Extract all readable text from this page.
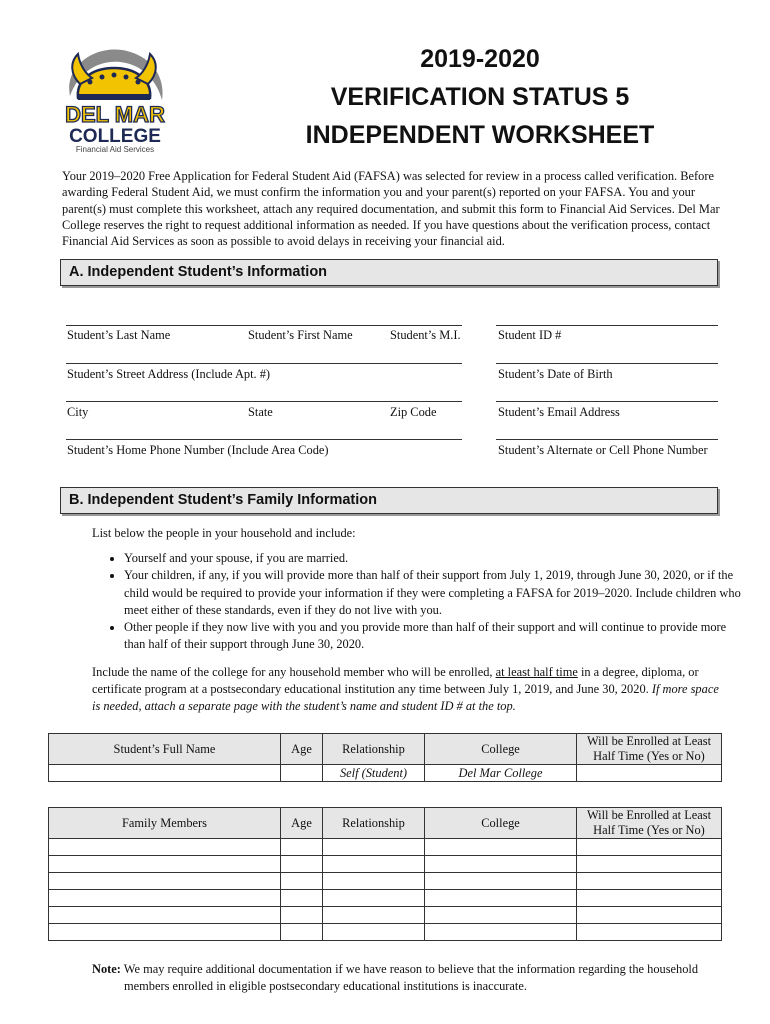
DEL MAR
COLLEGE
Financial Aid Services
2019-2020
VERIFICATION STATUS 5
INDEPENDENT WORKSHEET
Your 2019–2020 Free Application for Federal Student Aid (FAFSA) was selected for review in a process called verification. Before awarding Federal Student Aid, we must confirm the information you and your parent(s) reported on your FAFSA. You and your parent(s) must complete this worksheet, attach any required documentation, and submit this form to Financial Aid Services. Del Mar College reserves the right to request additional information as needed. If you have questions about the verification process, contact Financial Aid Services as soon as possible to avoid delays in receiving your financial aid.
A. Independent Student’s Information
Student’s Last Name	Student’s First Name	Student’s M.I.	Student ID #
Student’s Street Address (Include Apt. #)	Student’s Date of Birth
City	State	Zip Code	Student’s Email Address
Student’s Home Phone Number (Include Area Code)	Student’s Alternate or Cell Phone Number
B. Independent Student’s Family Information
List below the people in your household and include:
• Yourself and your spouse, if you are married.
• Your children, if any, if you will provide more than half of their support from July 1, 2019, through June 30, 2020, or if the child would be required to provide your information if they were completing a FAFSA for 2019–2020. Include children who meet either of these standards, even if they do not live with you.
• Other people if they now live with you and you provide more than half of their support and will continue to provide more than half of their support through June 30, 2020.
Include the name of the college for any household member who will be enrolled, at least half time in a degree, diploma, or certificate program at a postsecondary educational institution any time between July 1, 2019, and June 30, 2020. If more space is needed, attach a separate page with the student’s name and student ID # at the top.
Student’s Full Name	Age	Relationship	College	Will be Enrolled at Least Half Time (Yes or No)
		Self (Student)	Del Mar College	
Family Members	Age	Relationship	College	Will be Enrolled at Least Half Time (Yes or No)

Note: We may require additional documentation if we have reason to believe that the information regarding the household members enrolled in eligible postsecondary educational institutions is inaccurate.
